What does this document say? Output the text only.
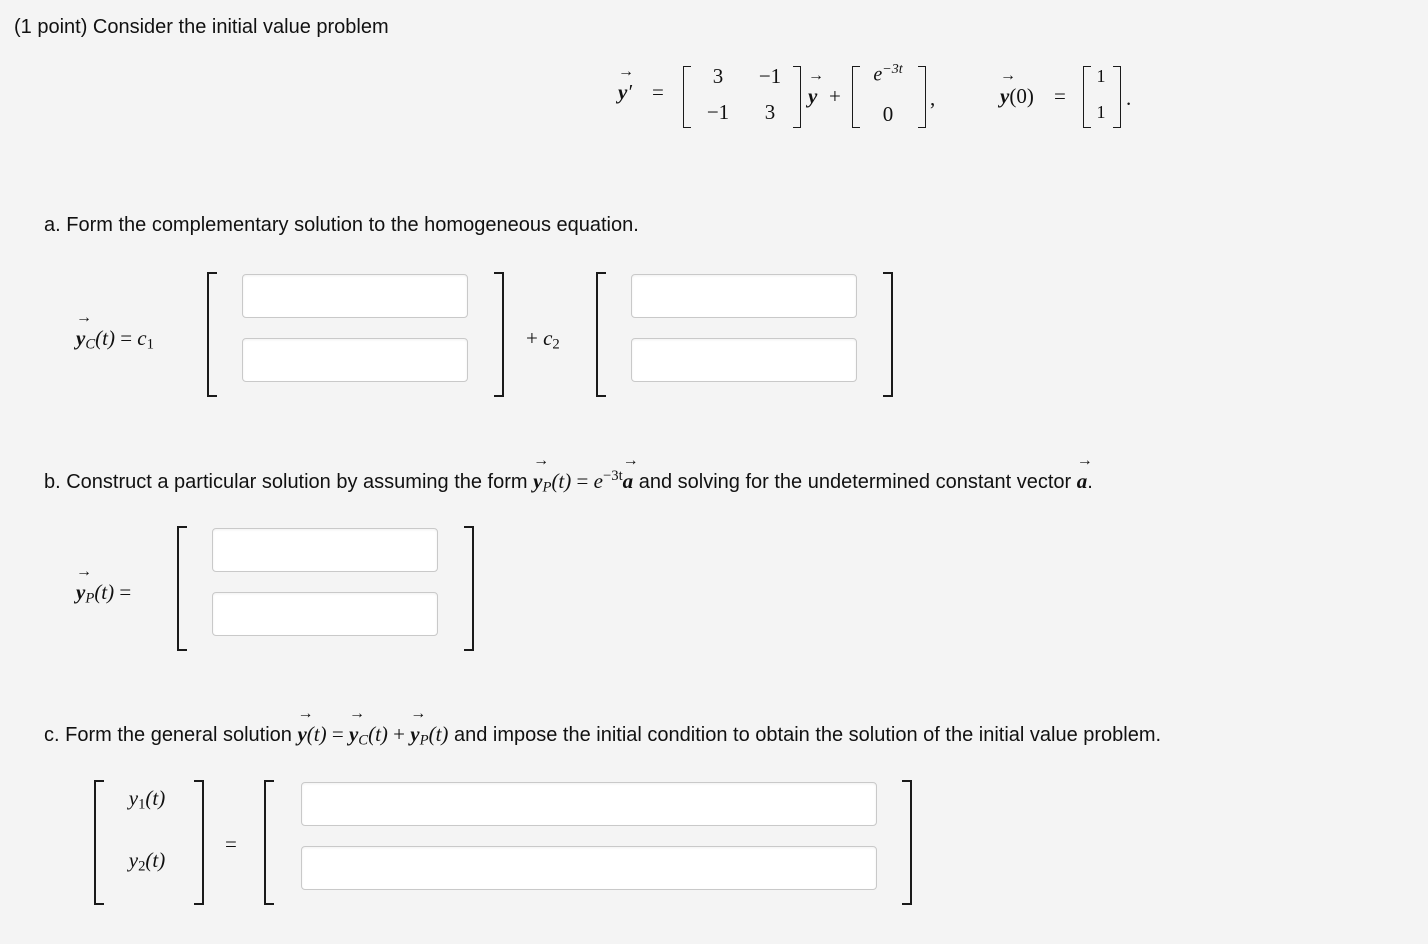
(1 point) Consider the initial value problem
→ y′ =
3	−1
−1	3
→ y +
$e^{-3t}$
0
,	→ y(0) =
1
1
.
a. Form the complementary solution to the homogeneous equation.
→ $y_C(t) = c_1$	+ $c_2$
b. Construct a particular solution by assuming the form → $y_P(t) = e^{-3t}\to a$ and solving for the undetermined constant vector → a.
→ $y_P(t)$ =
c. Form the general solution → y(t) = → $y_C(t)$ + → $y_P(t)$ and impose the initial condition to obtain the solution of the initial value problem.
$y_1(t)$
$y_2(t)$
=
